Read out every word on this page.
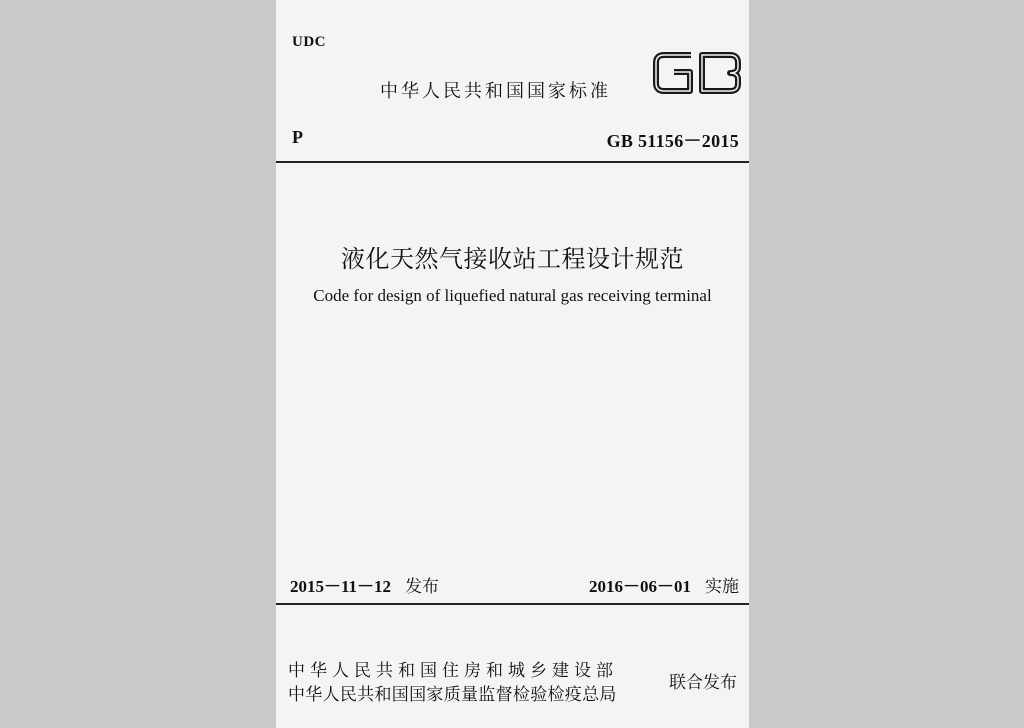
UDC
中华人民共和国国家标准
P	GB 51156－2015
液化天然气接收站工程设计规范
Code for design of liquefied natural gas receiving terminal
2015－11－12 发布	2016－06－01 实施
中华人民共和国住房和城乡建设部
中华人民共和国国家质量监督检验检疫总局
联合发布
